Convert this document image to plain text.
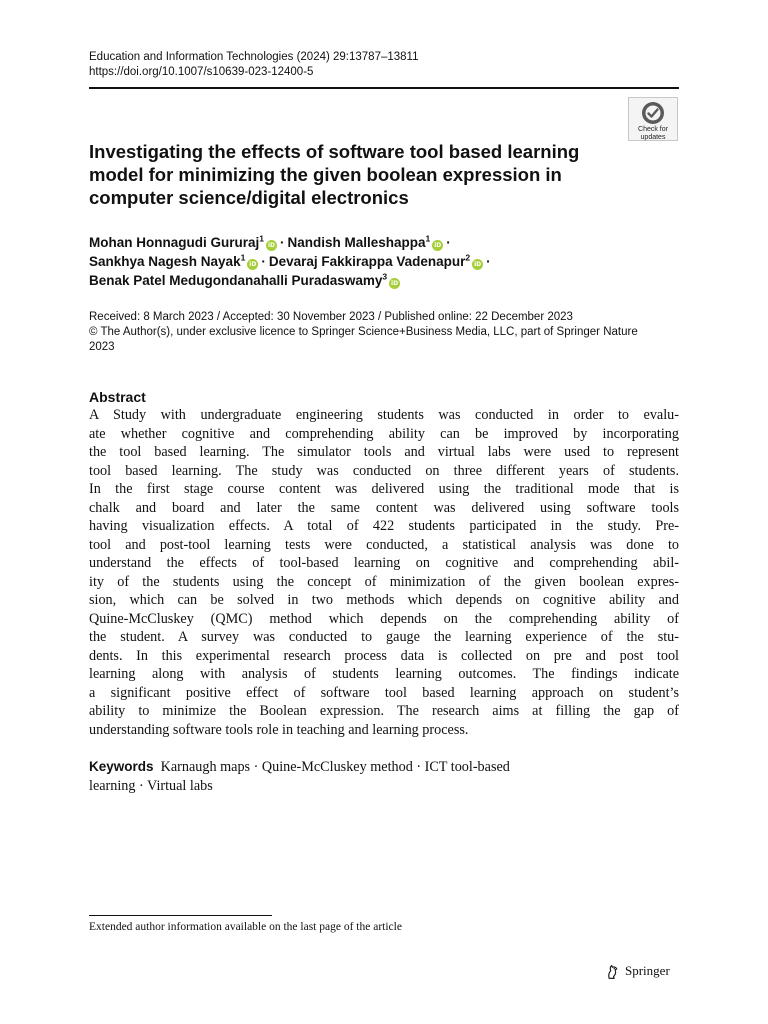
Education and Information Technologies (2024) 29:13787–13811
https://doi.org/10.1007/s10639-023-12400-5
Check for updates
Investigating the effects of software tool based learning model for minimizing the given boolean expression in computer science/digital electronics
Mohan Honnagudi Gururaj$^1$iD · Nandish Malleshappa$^1$iD ·
Sankhya Nagesh Nayak$^1$iD · Devaraj Fakkirappa Vadenapur$^2$iD ·
Benak Patel Medugondanahalli Puradaswamy$^3$iD
Received: 8 March 2023 / Accepted: 30 November 2023 / Published online: 22 December 2023
© The Author(s), under exclusive licence to Springer Science+Business Media, LLC, part of Springer Nature
2023
Abstract
A Study with undergraduate engineering students was conducted in order to evalu-
ate whether cognitive and comprehending ability can be improved by incorporating
the tool based learning. The simulator tools and virtual labs were used to represent
tool based learning. The study was conducted on three different years of students.
In the first stage course content was delivered using the traditional mode that is
chalk and board and later the same content was delivered using software tools
having visualization effects. A total of 422 students participated in the study. Pre-
tool and post-tool learning tests were conducted, a statistical analysis was done to
understand the effects of tool-based learning on cognitive and comprehending abil-
ity of the students using the concept of minimization of the given boolean expres-
sion, which can be solved in two methods which depends on cognitive ability and
Quine-McCluskey (QMC) method which depends on the comprehending ability of
the student. A survey was conducted to gauge the learning experience of the stu-
dents. In this experimental research process data is collected on pre and post tool
learning along with analysis of students learning outcomes. The findings indicate
a significant positive effect of software tool based learning approach on student’s
ability to minimize the Boolean expression. The research aims at filling the gap of
understanding software tools role in teaching and learning process.
Keywords Karnaugh maps · Quine-McCluskey method · ICT tool-based
learning · Virtual labs
Extended author information available on the last page of the article
Springer
